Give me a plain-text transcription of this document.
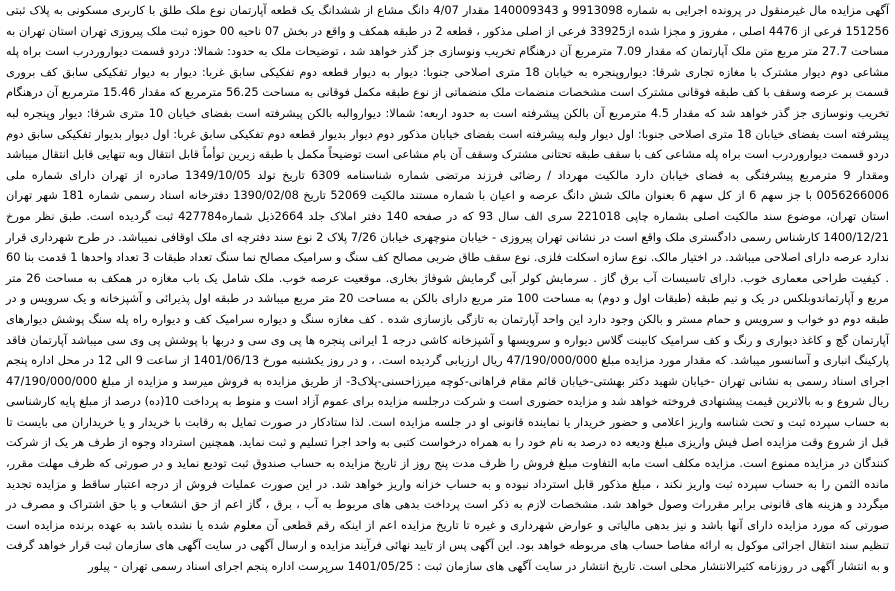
آگهی مزایده مال غیرمنقول در پرونده اجرایی به شماره 9913098 و 140009343 مقدار 4/07 دانگ مشاع از ششدانگ یک قطعه آپارتمان نوع ملک طلق با کاربری مسکونی به پلاک ثبتی 151256 فرعی از 4476 اصلی ، مفروز و مجزا شده از33925 فرعی از اصلی مذکور ، قطعه 2 در طبقه همکف و واقع در بخش 07 ناحیه 00 حوزه ثبت ملک پیروزی تهران استان تهران به مساحت 27.7 متر مربع متن ملک آپارتمان که مقدار 7.09 مترمربع آن درهنگام تخریب ونوسازی جز گذر خواهد شد ، توضیحات ملک به حدود: شمالا: دردو قسمت دیواروردرب است براه پله مشاعی دوم دیوار مشترک با مغازه تجاری شرقا: دیواروپنجره به خیابان 18 متری اصلاحی جنوبا: دیوار به دیوار قطعه دوم تفکیکی سابق غربا: دیوار به دیوار تفکیکی سابق کف بروری قسمت بر عرصه وسقف با کف طبقه فوقانی مشترک است مشخصات منضمات ملک منضماتی از نوع طبقه مکمل فوقانی به مساحت 56.25 مترمربع که مقدار 15.46 مترمربع آن درهنگام تخریب ونوسازی جز گذر خواهد شد که مقدار 4.5 مترمربع آن بالکن پیشرفته است به حدود اربعه: شمالا: دیواروالبه بالکن پیشرفته است بفضای خیابان 10 متری شرقا: دیوار وپنجره لبه پیشرفته است بفضای خیابان 18 متری اصلاحی جنوبا: اول دیوار ولبه پیشرفته است بفضای خیابان مذکور دوم دیوار بدیوار قطعه دوم تفکیکی سابق غربا: اول دیوار بدیوار تفکیکی سابق دوم دردو قسمت دیواروردرب است براه پله مشاعی کف با سقف طبقه تحتانی مشترک وسقف آن بام مشاعی است توضیحاً مکمل با طبقه زیرین توأماً قابل انتقال وبه تنهایی قابل انتقال میباشد ومقدار 9 مترمربع پیشرفتگی به فضای خیابان دارد مالکیت مهرداد / رضائی فرزند مرتضی شماره شناسنامه 6309 تاریخ تولد 1349/10/05 صادره از تهران دارای شماره ملی 0056266006 با جز سهم 6 از کل سهم 6 بعنوان مالک شش دانگ عرصه و اعیان با شماره مستند مالکیت 52069 تاریخ 1390/02/08 دفترخانه اسناد رسمی شماره 181 شهر تهران استان تهران، موضوع سند مالکیت اصلی بشماره چاپی 221018 سری الف سال 93 که در صفحه 140 دفتر املاک جلد 2664ذیل شماره427784 ثبت گردیده است. طبق نظر مورخ 1400/12/21 کارشناس رسمی دادگستری ملک واقع است در نشانی تهران پیروزی - خیابان منوچهری خیابان 7/26 پلاک 2 نوع سند دفترچه ای ملک اوقافی نمیباشد. در طرح شهرداری قرار ندارد عرصه دارای اصلاحی میباشد. در اختیار مالک. نوع سازه اسکلت فلزی. نوع سقف طاق ضربی مصالح کف سنگ و سرامیک مصالح نما سنگ تعداد طبقات 3 تعداد واحدها 1 قدمت بنا 60 . کیفیت طراحی معماری خوب. دارای تاسیسات آب برق گاز . سرمایش کولر آبی گرمایش شوفاژ بخاری. موقعیت عرصه خوب. ملک شامل یک باب مغازه در همکف به مساحت 26 متر مربع و آپارتماندوبلکس در یک و نیم طبقه (طبقات اول و دوم) به مساحت 100 متر مربع دارای بالکن به مساحت 20 متر مربع میباشد در طبقه اول پذیرائی و آشپزخانه و یک سرویس و در طبقه دوم دو خواب و سرویس و حمام مستر و بالکن وجود دارد این واحد آپارتمان به تازگی بازسازی شده . کف مغازه سنگ و دیواره سرامیک کف و دیواره راه پله سنگ پوشش دیوارهای آپارتمان گچ و کاغذ دیواری و رنگ و کف سرامیک کابینت گلاس دیواره و سرویسها و آشپزخانه کاشی درجه 1 ایرانی پنجره ها پی وی سی و دربها با پوشش پی وی سی میباشد آپارتمان فاقد پارکینگ انباری و آسانسور میباشد. که مقدار مورد مزایده مبلغ 47/190/000/000 ریال ارزیابی گردیده است. ، و در روز یکشنبه مورخ 1401/06/13 از ساعت 9 الی 12 در محل اداره پنجم اجرای اسناد رسمی به نشانی تهران -خیابان شهید دکتر بهشتی-خیابان قائم مقام فراهانی-کوچه میرزاحسنی-پلاک3- از طریق مزایده به فروش میرسد و مزایده از مبلغ 47/190/000/000 ریال شروع و به بالاترین قیمت پیشنهادی فروخته خواهد شد و مزایده حضوری است و شرکت درجلسه مزایده برای عموم آزاد است و منوط به پرداخت 10(ده) درصد از مبلغ پایه کارشناسی به حساب سپرده ثبت و تحت شناسه واریز اعلامی و حضور خریدار یا نماینده قانونی او در جلسه مزایده است. لذا ستادکار در صورت تمایل به رقابت با خریدار و یا خریداران می بایست تا قبل از شروع وقت مزایده اصل فیش واریزی مبلغ ودیعه ده درصد به نام خود را به همراه درخواست کتبی به واحد اجرا تسلیم و ثبت نماید. همچنین استرداد وجوه از طرف هر یک از شرکت کنندگان در مزایده ممنوع است. مزایده مکلف است مابه التفاوت مبلغ فروش را ظرف مدت پنج روز از تاریخ مزایده به حساب صندوق ثبت تودیع نماید و در صورتی که ظرف مهلت مقرر، مانده الثمن را به حساب سپرده ثبت واریز نکند ، مبلغ مذکور قابل استرداد نبوده و به حساب خزانه واریز خواهد شد. در این صورت عملیات فروش از درجه اعتبار ساقط و مزایده تجدید میگردد و هزینه های قانونی برابر مقررات وصول خواهد شد. مشخصات لازم به ذکر است پرداخت بدهی های مربوط به آب ، برق ، گاز اعم از حق انشعاب و یا حق اشتراک و مصرف در صورتی که مورد مزایده دارای آنها باشد و نیز بدهی مالیاتی و عوارض شهرداری و غیره تا تاریخ مزایده اعم از اینکه رقم قطعی آن معلوم شده یا نشده باشد به عهده برنده مزایده است تنظیم سند انتقال اجرائی موکول به ارائه مفاصا حساب های مربوطه خواهد بود. این آگهی پس از تایید نهائی فرآیند مزایده و ارسال آگهی در سایت آگهی های سازمان ثبت قرار خواهد گرفت و به انتشار آگهی در روزنامه کثیرالانتشار محلی است. تاریخ انتشار در سایت آگهی های سازمان ثبت : 1401/05/25 سرپرست اداره پنجم اجرای اسناد رسمی تهران - پیلور
